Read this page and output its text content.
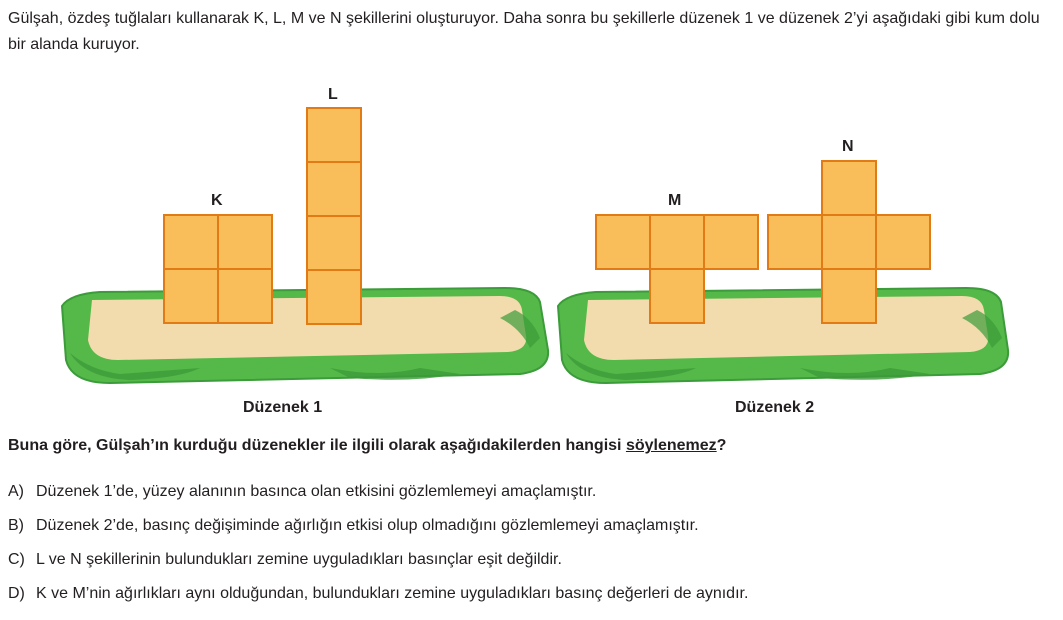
Gülşah, özdeş tuğlaları kullanarak K, L, M ve N şekillerini oluşturuyor. Daha sonra bu şekillerle düzenek 1 ve düzenek 2’yi aşağıdaki gibi kum dolu bir alanda kuruyor.

K
L
M
N
Düzenek 1	Düzenek 2

Buna göre, Gülşah’ın kurduğu düzenekler ile ilgili olarak aşağıdakilerden hangisi söylenemez?

A) Düzenek 1’de, yüzey alanının basınca olan etkisini gözlemlemeyi amaçlamıştır.

B) Düzenek 2’de, basınç değişiminde ağırlığın etkisi olup olmadığını gözlemlemeyi amaçlamıştır.

C) L ve N şekillerinin bulundukları zemine uyguladıkları basınçlar eşit değildir.

D) K ve M’nin ağırlıkları aynı olduğundan, bulundukları zemine uyguladıkları basınç değerleri de aynıdır.
